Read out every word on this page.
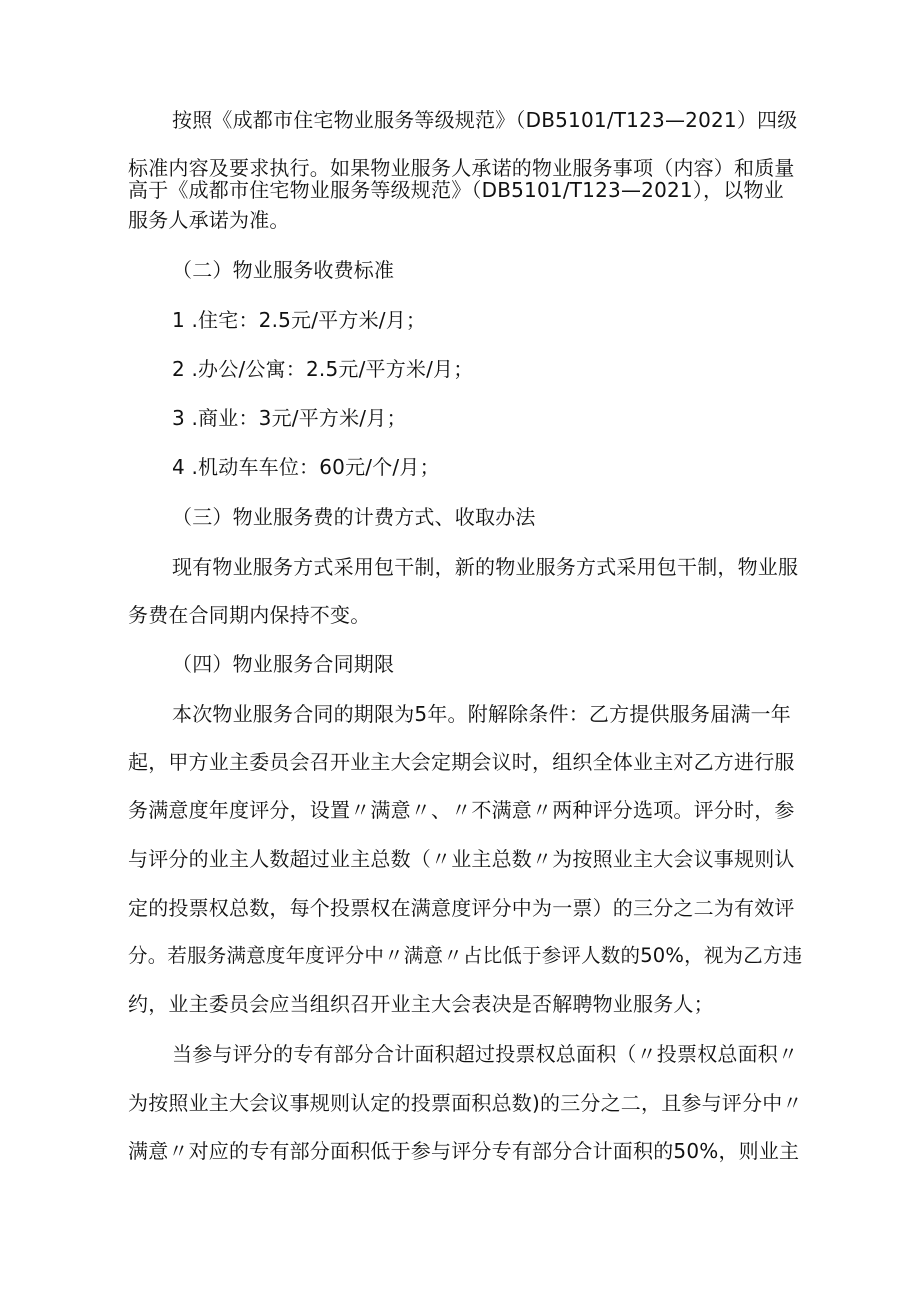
按照《成都市住宅物业服务等级规范》（DB5101/T123—2021）四级
标准内容及要求执行。如果物业服务人承诺的物业服务事项（内容）和质量
高于《成都市住宅物业服务等级规范》（DB5101/T123—2021），以物业
服务人承诺为准。
（二）物业服务收费标准
1 .住宅：2.5元/平方米/月；
2 .办公/公寓：2.5元/平方米/月；
3 .商业：3元/平方米/月；
4 .机动车车位：60元/个/月；
（三）物业服务费的计费方式、收取办法
现有物业服务方式采用包干制，新的物业服务方式采用包干制，物业服
务费在合同期内保持不变。
（四）物业服务合同期限
本次物业服务合同的期限为5年。附解除条件：乙方提供服务届满一年
起，甲方业主委员会召开业主大会定期会议时，组织全体业主对乙方进行服
务满意度年度评分，设置〃满意〃、〃不满意〃两种评分选项。评分时，参
与评分的业主人数超过业主总数（〃业主总数〃为按照业主大会议事规则认
定的投票权总数，每个投票权在满意度评分中为一票）的三分之二为有效评
分。若服务满意度年度评分中〃满意〃占比低于参评人数的50%，视为乙方违
约，业主委员会应当组织召开业主大会表决是否解聘物业服务人；
当参与评分的专有部分合计面积超过投票权总面积（〃投票权总面积〃
为按照业主大会议事规则认定的投票面积总数)的三分之二，且参与评分中〃
满意〃对应的专有部分面积低于参与评分专有部分合计面积的50%，则业主
